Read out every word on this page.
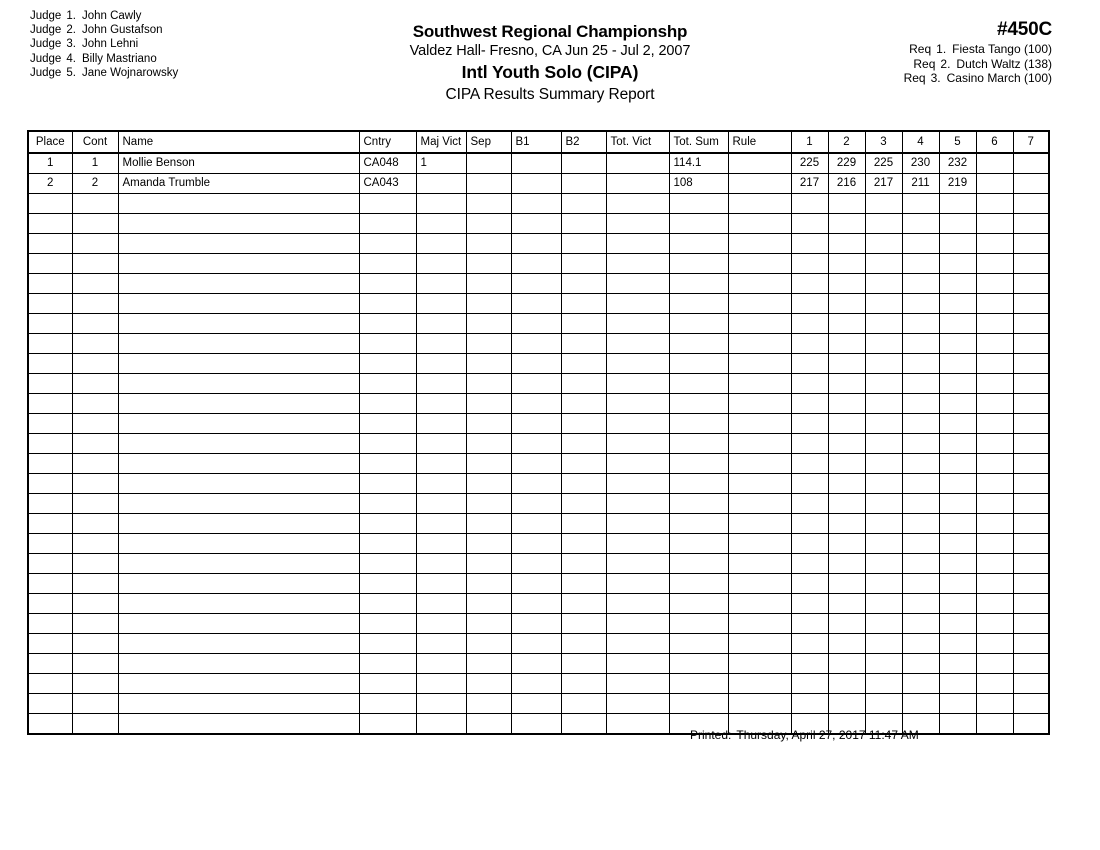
Judge 1. John Cawly
Judge 2. John Gustafson
Judge 3. John Lehni
Judge 4. Billy Mastriano
Judge 5. Jane Wojnarowsky
Southwest Regional Championshp
Valdez Hall- Fresno, CA Jun 25 - Jul 2, 2007
Intl Youth Solo (CIPA)
CIPA Results Summary Report
#450C
Req 1. Fiesta Tango (100)
Req 2. Dutch Waltz (138)
Req 3. Casino March (100)
Place	Cont	Name	Cntry	Maj Vict	Sep	B1	B2	Tot. Vict	Tot. Sum	Rule	1	2	3	4	5	6	7
1	1	Mollie Benson	CA048	1					114.1		225	229	225	230	232		
2	2	Amanda Trumble	CA043						108		217	216	217	211	219		

Printed: Thursday, April 27, 2017 11:47 AM
